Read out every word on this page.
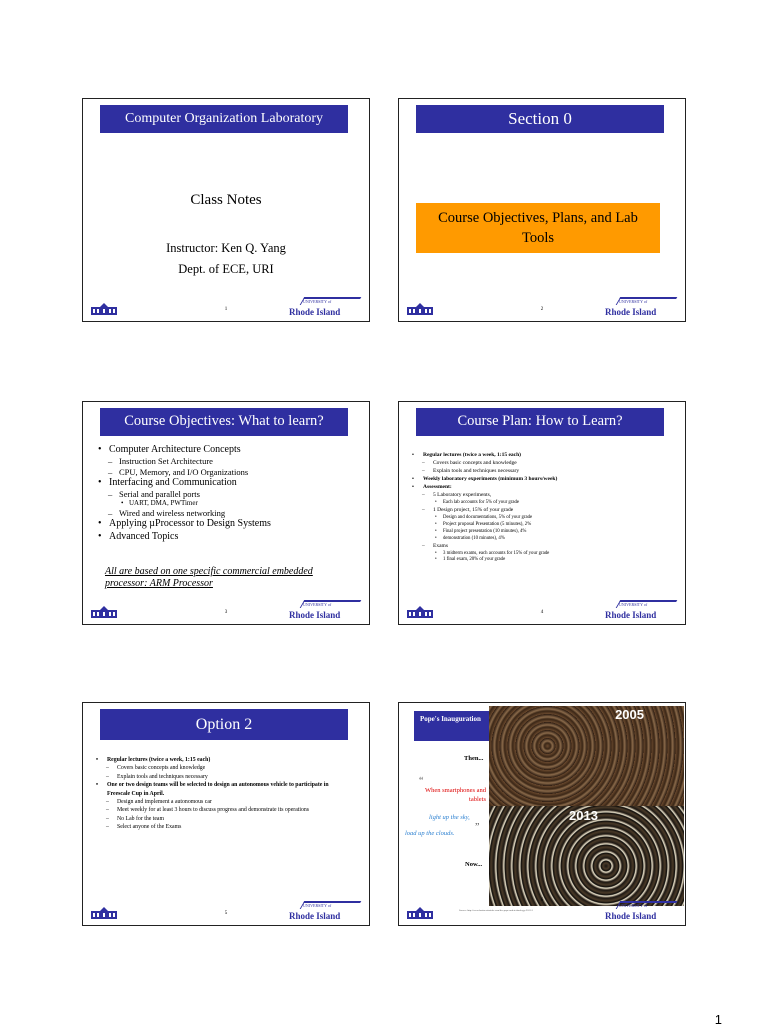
Computer Organization Laboratory
Class Notes
Instructor: Ken Q. Yang
Dept. of ECE, URI
1
UNIVERSITY of
Rhode Island
Section 0
Course Objectives, Plans, and Lab Tools
2
UNIVERSITY of
Rhode Island
Course Objectives: What to learn?
• Computer Architecture Concepts
– Instruction Set Architecture
– CPU, Memory, and I/O Organizations
• Interfacing and Communication
– Serial and parallel ports
• UART, DMA, PWTimer
– Wired and wireless networking
• Applying µProcessor to Design Systems
• Advanced Topics
All are based on one specific commercial embedded processor: ARM Processor
3
UNIVERSITY of
Rhode Island
Course Plan: How to Learn?
• Regular lectures (twice a week, 1:15 each)
– Covers basic concepts and knowledge
– Explain tools and techniques necessary
• Weekly laboratory experiments (minimum 3 hours/week)
• Assessment:
– 5 Laboratory experiments,
• Each lab accounts for 5% of your grade
– 1 Design project, 15% of your grade
• Design and documentations, 5% of your grade
• Project proposal Presentation (5 minutes), 2%
• Final project presentation (10 minutes), 4%
• demonstration (10 minutes), 4%
– Exams
• 3 midterm exams, each accounts for 15% of your grade
• 1 final exam, 20% of your grade
4
UNIVERSITY of
Rhode Island
Option 2
• Regular lectures (twice a week, 1:15 each)
– Covers basic concepts and knowledge
– Explain tools and techniques necessary
• One or two design teams will be selected to design an autonomous vehicle to participate in Freescale Cup in April.
– Design and implement a autonomous car
– Meet weekly for at least 3 hours to discuss progress and demonstrate its operations
– No Lab for the team
– Select anyone of the Exams
5
UNIVERSITY of
Rhode Island
Pope's Inauguration	2005
2013
Then...
“
When smartphones and tablets
light up the sky,
”
load up the clouds.
Now...
Source: http://www.businessinsider.com/the-pope-and-technology-2013-3
6
UNIVERSITY of
Rhode Island
1
